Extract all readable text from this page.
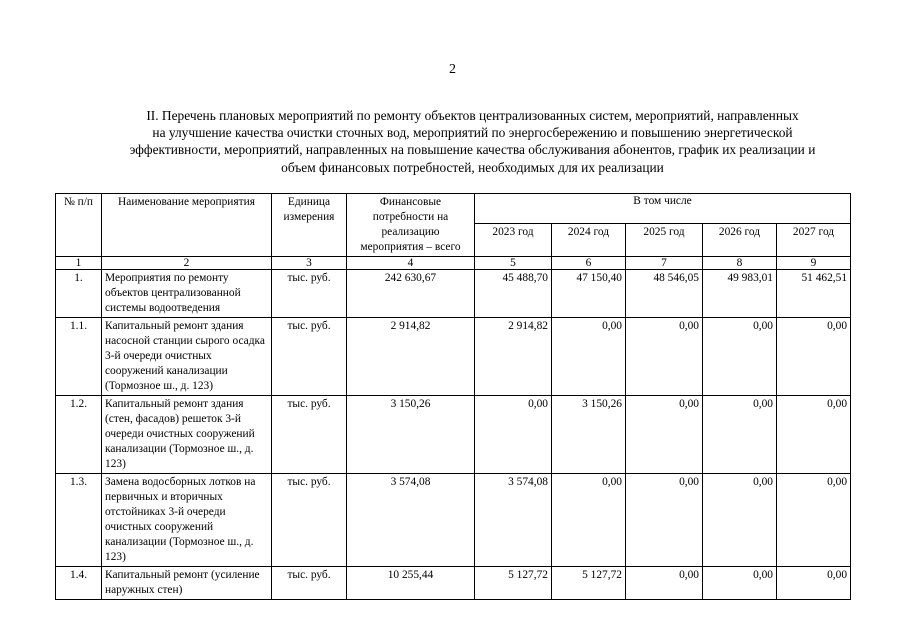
2
II. Перечень плановых мероприятий по ремонту объектов централизованных систем, мероприятий, направленных
на улучшение качества очистки сточных вод, мероприятий по энергосбережению и повышению энергетической
эффективности, мероприятий, направленных на повышение качества обслуживания абонентов, график их реализации и
объем финансовых потребностей, необходимых для их реализации
№ п/п	Наименование мероприятия	Единица измерения	Финансовые потребности на реализацию мероприятия – всего	В том числе				
				2023 год	2024 год	2025 год	2026 год	2027 год
1	2	3	4	5	6	7	8	9
1.	Мероприятия по ремонту объектов централизованной системы водоотведения	тыс. руб.	242 630,67	45 488,70	47 150,40	48 546,05	49 983,01	51 462,51
1.1.	Капитальный ремонт здания насосной станции сырого осадка 3-й очереди очистных сооружений канализации (Тормозное ш., д. 123)	тыс. руб.	2 914,82	2 914,82	0,00	0,00	0,00	0,00
1.2.	Капитальный ремонт здания (стен, фасадов) решеток 3-й очереди очистных сооружений канализации (Тормозное ш., д. 123)	тыс. руб.	3 150,26	0,00	3 150,26	0,00	0,00	0,00
1.3.	Замена водосборных лотков на первичных и вторичных отстойниках 3-й очереди очистных сооружений канализации (Тормозное ш., д. 123)	тыс. руб.	3 574,08	3 574,08	0,00	0,00	0,00	0,00
1.4.	Капитальный ремонт (усиление наружных стен)	тыс. руб.	10 255,44	5 127,72	5 127,72	0,00	0,00	0,00
